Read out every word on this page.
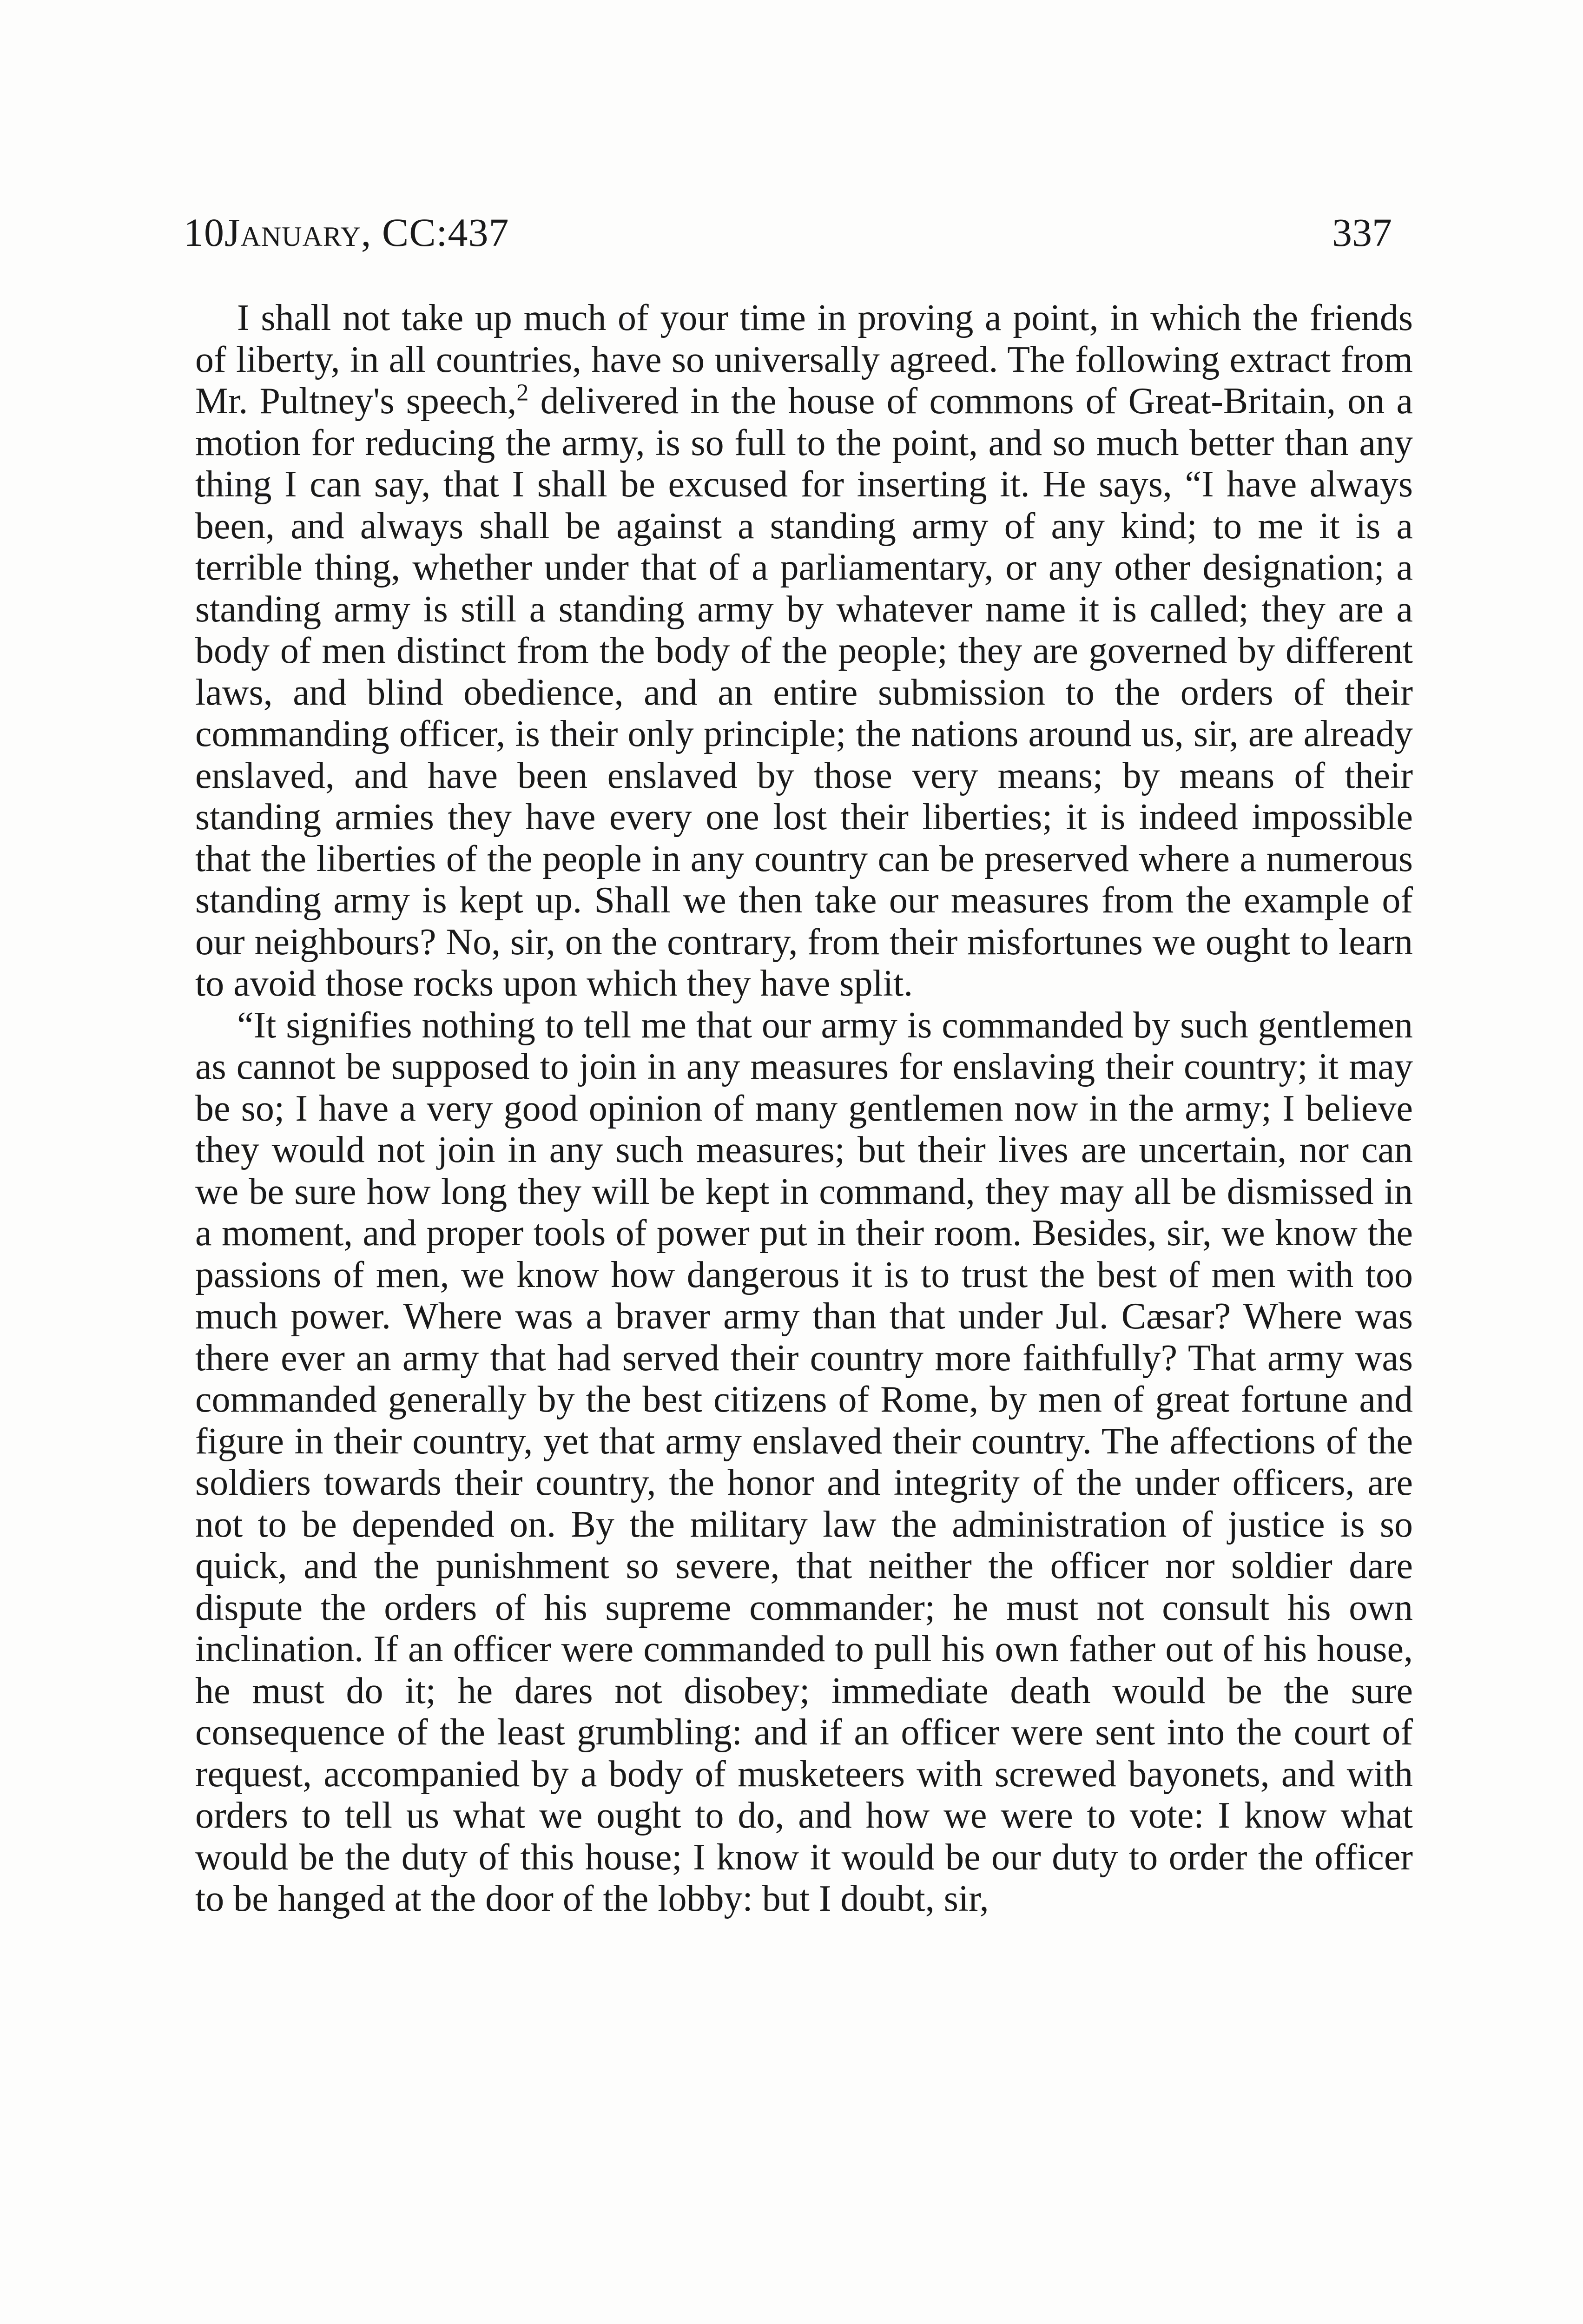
10January, CC:437	337

I shall not take up much of your time in proving a point, in which the friends of liberty, in all countries, have so universally agreed. The following extract from Mr. Pultney's speech,$^2$ delivered in the house of commons of Great-Britain, on a motion for reducing the army, is so full to the point, and so much better than any thing I can say, that I shall be excused for inserting it. He says, “I have always been, and always shall be against a standing army of any kind; to me it is a terrible thing, whether under that of a parliamentary, or any other designation; a standing army is still a standing army by whatever name it is called; they are a body of men distinct from the body of the people; they are governed by different laws, and blind obedience, and an entire submission to the orders of their commanding officer, is their only principle; the nations around us, sir, are already enslaved, and have been enslaved by those very means; by means of their standing armies they have every one lost their liberties; it is indeed impossible that the liberties of the people in any country can be preserved where a numerous standing army is kept up. Shall we then take our measures from the example of our neighbours? No, sir, on the contrary, from their misfortunes we ought to learn to avoid those rocks upon which they have split.

“It signifies nothing to tell me that our army is commanded by such gentlemen as cannot be supposed to join in any measures for enslaving their country; it may be so; I have a very good opinion of many gentlemen now in the army; I believe they would not join in any such measures; but their lives are uncertain, nor can we be sure how long they will be kept in command, they may all be dismissed in a moment, and proper tools of power put in their room. Besides, sir, we know the passions of men, we know how dangerous it is to trust the best of men with too much power. Where was a braver army than that under Jul. Cæsar? Where was there ever an army that had served their country more faithfully? That army was commanded generally by the best citizens of Rome, by men of great fortune and figure in their country, yet that army enslaved their country. The affections of the soldiers towards their country, the honor and integrity of the under officers, are not to be depended on. By the military law the administration of justice is so quick, and the punishment so severe, that neither the officer nor soldier dare dispute the orders of his supreme commander; he must not consult his own inclination. If an officer were commanded to pull his own father out of his house, he must do it; he dares not disobey; immediate death would be the sure consequence of the least grumbling: and if an officer were sent into the court of request, accompanied by a body of musketeers with screwed bayonets, and with orders to tell us what we ought to do, and how we were to vote: I know what would be the duty of this house; I know it would be our duty to order the officer to be hanged at the door of the lobby: but I doubt, sir,
